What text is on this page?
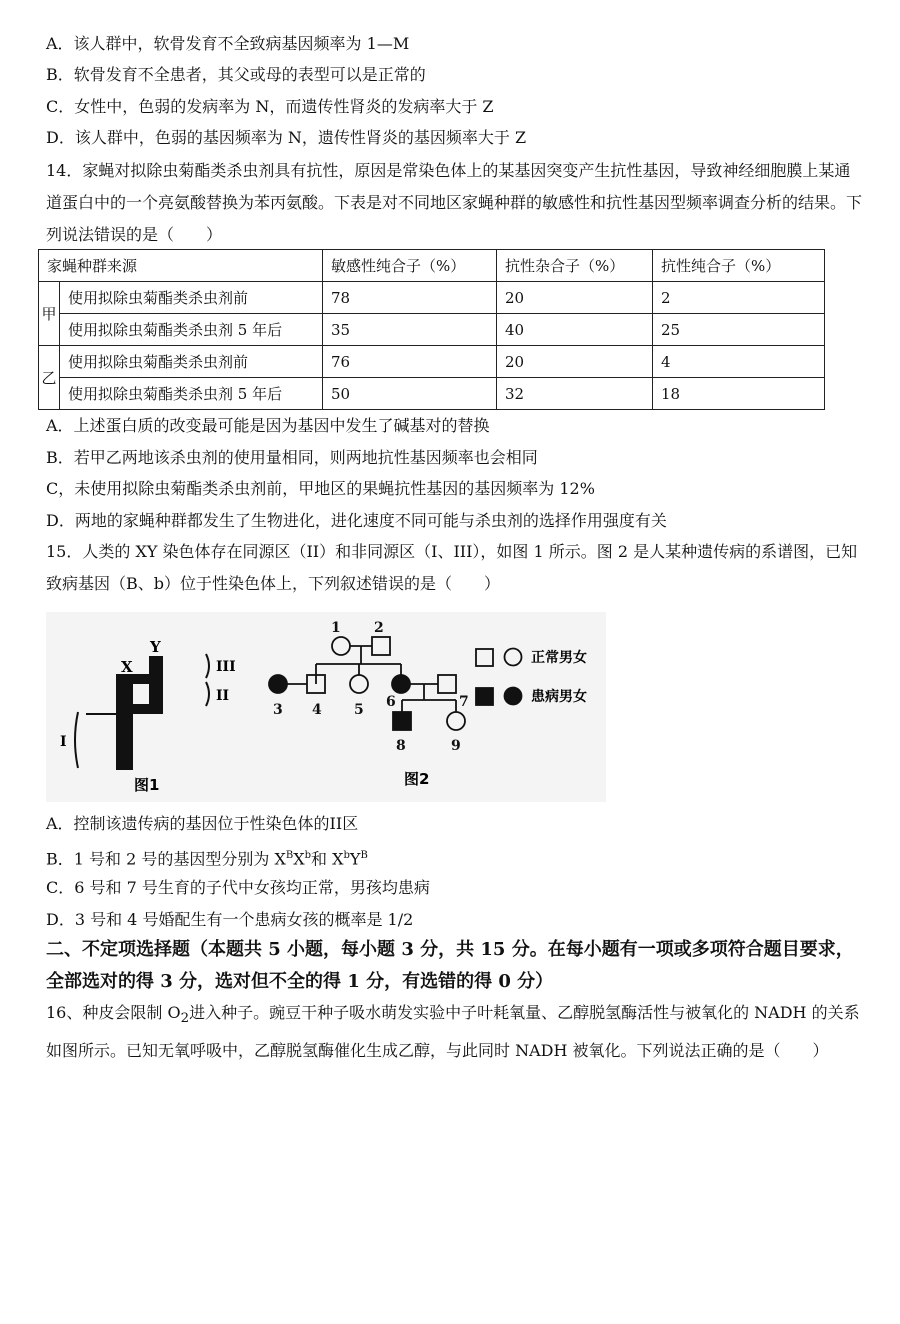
A．该人群中，软骨发育不全致病基因频率为 1—M
B．软骨发育不全患者，其父或母的表型可以是正常的
C．女性中，色弱的发病率为 N，而遗传性肾炎的发病率大于 Z
D．该人群中，色弱的基因频率为 N，遗传性肾炎的基因频率大于 Z
14．家蝇对拟除虫菊酯类杀虫剂具有抗性，原因是常染色体上的某基因突变产生抗性基因，导致神经细胞膜上某通道蛋白中的一个亮氨酸替换为苯丙氨酸。下表是对不同地区家蝇种群的敏感性和抗性基因型频率调查分析的结果。下列说法错误的是（　　）
家蝇种群来源		敏感性纯合子（%）	抗性杂合子（%）	抗性纯合子（%）
甲	使用拟除虫菊酯类杀虫剂前	78	20	2
	使用拟除虫菊酯类杀虫剂 5 年后	35	40	25
乙	使用拟除虫菊酯类杀虫剂前	76	20	4
	使用拟除虫菊酯类杀虫剂 5 年后	50	32	18
A．上述蛋白质的改变最可能是因为基因中发生了碱基对的替换
B．若甲乙两地该杀虫剂的使用量相同，则两地抗性基因频率也会相同
C，未使用拟除虫菊酯类杀虫剂前，甲地区的果蝇抗性基因的基因频率为 12%
D．两地的家蝇种群都发生了生物进化，进化速度不同可能与杀虫剂的选择作用强度有关
15．人类的 XY 染色体存在同源区（II）和非同源区（I、III），如图 1 所示。图 2 是人某种遗传病的系谱图，已知致病基因（B、b）位于性染色体上，下列叙述错误的是（　　）
X
Y
III
II
I
图1
1 2
3 4 5 6	7
8	9
正常男女
患病男女
图2
A．控制该遗传病的基因位于性染色体的II区
B．1 号和 2 号的基因型分别为 $X^BX^b$和 $X^bY^B$
C．6 号和 7 号生育的子代中女孩均正常，男孩均患病
D．3 号和 4 号婚配生有一个患病女孩的概率是 1/2
二、不定项选择题（本题共 5 小题，每小题 3 分，共 15 分。在每小题有一项或多项符合题目要求，全部选对的得 3 分，选对但不全的得 1 分，有选错的得 0 分）
16、种皮会限制 $O_2$进入种子。豌豆干种子吸水萌发实验中子叶耗氧量、乙醇脱氢酶活性与被氧化的 NADH 的关系如图所示。已知无氧呼吸中，乙醇脱氢酶催化生成乙醇，与此同时 NADH 被氧化。下列说法正确的是（　　）
